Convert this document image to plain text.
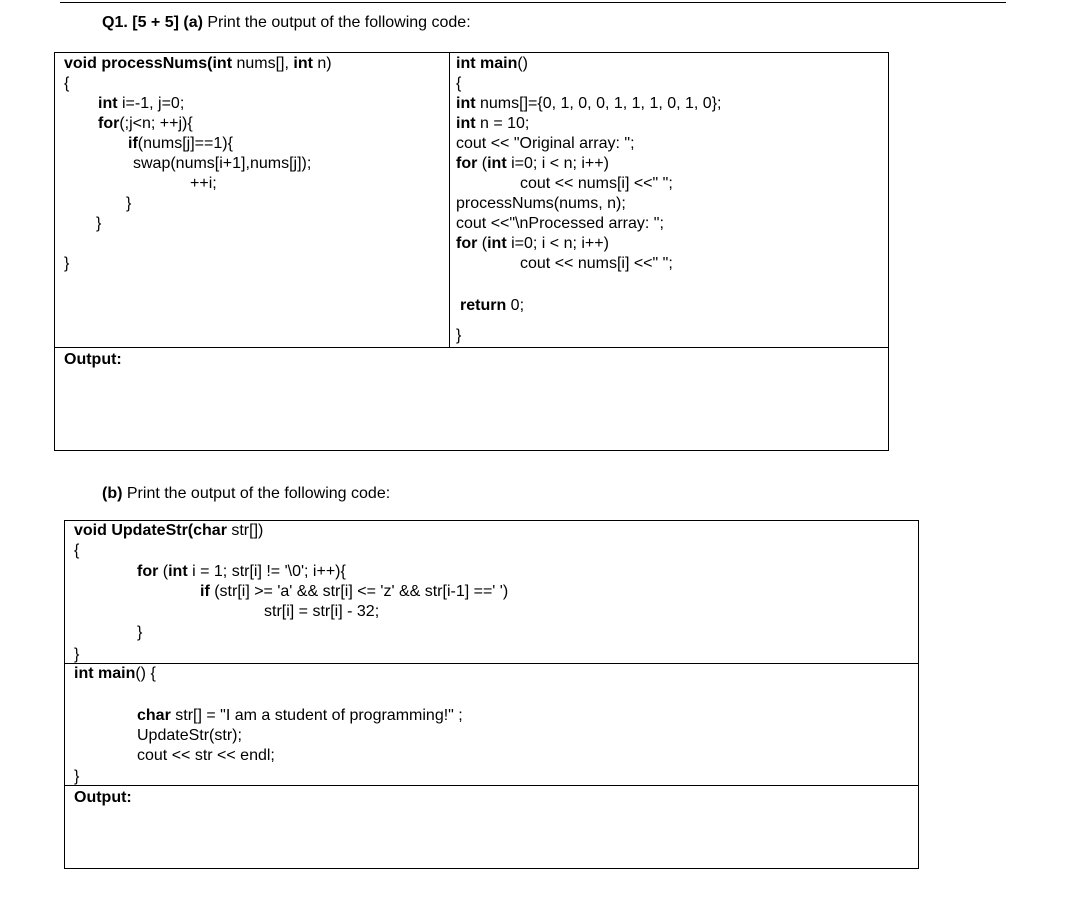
Q1. [5 + 5] (a) Print the output of the following code:
void processNums(int nums[], int n)
{
int i=-1, j=0;
for(;j<n; ++j){
if(nums[j]==1){
swap(nums[i+1],nums[j]);
++i;
}
}
}
int main()
{
int nums[]={0, 1, 0, 0, 1, 1, 1, 0, 1, 0};
int n = 10;
cout << "Original array: ";
for (int i=0; i < n; i++)
cout << nums[i] <<" ";
processNums(nums, n);
cout <<"\nProcessed array: ";
for (int i=0; i < n; i++)
cout << nums[i] <<" ";
return 0;
}
Output:
(b) Print the output of the following code:
void UpdateStr(char str[])
{
for (int i = 1; str[i] != '\0'; i++){
if (str[i] >= 'a' && str[i] <= 'z' && str[i-1] ==' ')
str[i] = str[i] - 32;
}
}
int main() {
char str[] = "I am a student of programming!" ;
UpdateStr(str);
cout << str << endl;
}
Output:
